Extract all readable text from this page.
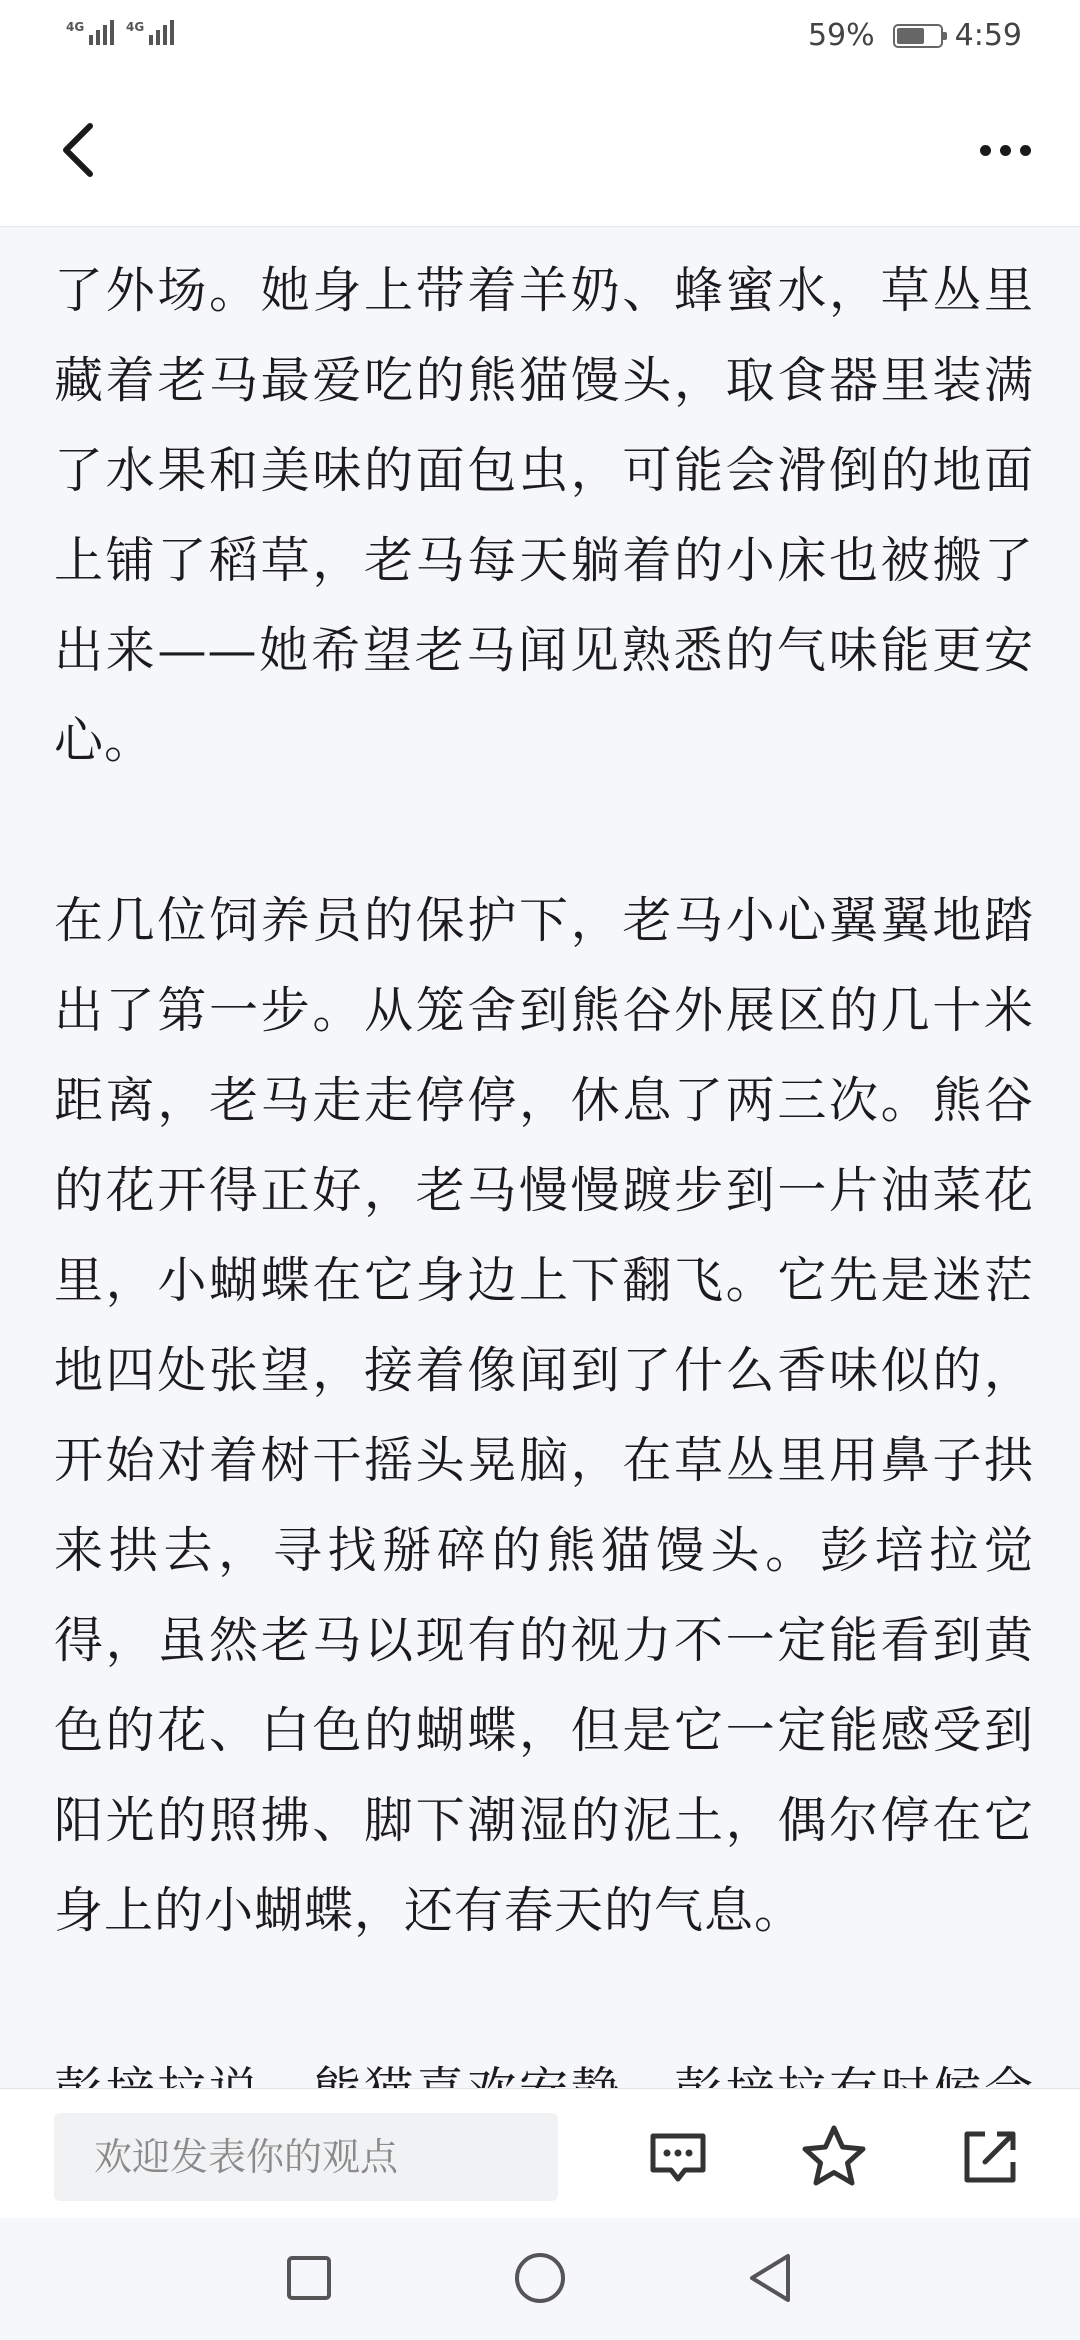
4G	4G	59%	4:59

了外场。她身上带着羊奶、蜂蜜水，草丛里藏着老马最爱吃的熊猫馒头，取食器里装满了水果和美味的面包虫，可能会滑倒的地面上铺了稻草，老马每天躺着的小床也被搬了出来——她希望老马闻见熟悉的气味能更安心。

在几位饲养员的保护下，老马小心翼翼地踏出了第一步。从笼舍到熊谷外展区的几十米距离，老马走走停停，休息了两三次。熊谷的花开得正好，老马慢慢踱步到一片油菜花里，小蝴蝶在它身边上下翻飞。它先是迷茫地四处张望，接着像闻到了什么香味似的，开始对着树干摇头晃脑，在草丛里用鼻子拱来拱去，寻找掰碎的熊猫馒头。彭培拉觉得，虽然老马以现有的视力不一定能看到黄色的花、白色的蝴蝶，但是它一定能感受到阳光的照拂、脚下潮湿的泥土，偶尔停在它身上的小蝴蝶，还有春天的气息。

欢迎发表你的观点
